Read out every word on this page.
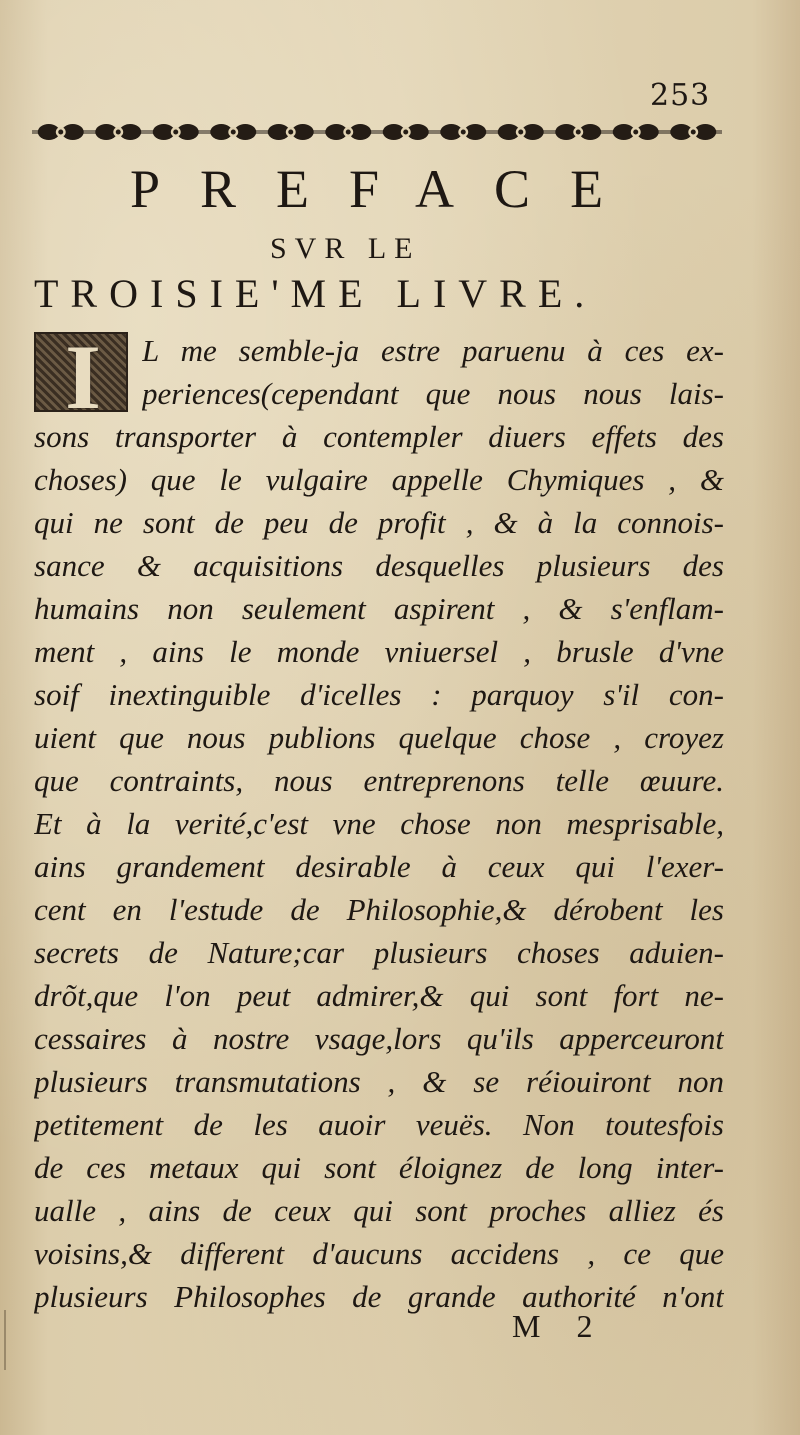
253
PREFACE
SVR LE
TROISIE'ME LIVRE.
I	L me semble-ja estre paruenu à ces ex-
periences(cependant que nous nous lais-
sons transporter à contempler diuers effets des
choses) que le vulgaire appelle Chymiques , &
qui ne sont de peu de profit , & à la connois-
sance & acquisitions desquelles plusieurs des
humains non seulement aspirent , & s'enflam-
ment , ains le monde vniuersel , brusle d'vne
soif inextinguible d'icelles : parquoy s'il con-
uient que nous publions quelque chose , croyez
que contraints, nous entreprenons telle œuure.
Et à la verité,c'est vne chose non mesprisable,
ains grandement desirable à ceux qui l'exer-
cent en l'estude de Philosophie,& dérobent les
secrets de Nature;car plusieurs choses aduien-
drõt,que l'on peut admirer,& qui sont fort ne-
cessaires à nostre vsage,lors qu'ils apperceuront
plusieurs transmutations , & se réiouiront non
petitement de les auoir veuës. Non toutesfois
de ces metaux qui sont éloignez de long inter-
ualle , ains de ceux qui sont proches alliez és
voisins,& different d'aucuns accidens , ce que
plusieurs Philosophes de grande authorité n'ont
M 2
